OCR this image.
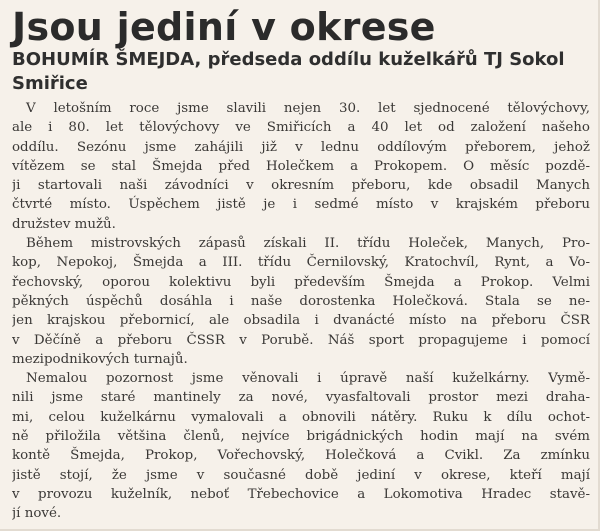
Jsou jediní v okrese
BOHUMÍR ŠMEJDA, předseda oddílu kuželkářů TJ Sokol
Smiřice

V letošním roce jsme slavili nejen 30. let sjednocené tělovýchovy,
ale i 80. let tělovýchovy ve Smiřicích a 40 let od založení našeho
oddílu. Sezónu jsme zahájili již v lednu oddílovým přeborem, jehož
vítězem se stal Šmejda před Holečkem a Prokopem. O měsíc pozdě-
ji startovali naši závodníci v okresním přeboru, kde obsadil Manych
čtvrté místo. Úspěchem jistě je i sedmé místo v krajském přeboru
družstev mužů.

Během mistrovských zápasů získali II. třídu Holeček, Manych, Pro-
kop, Nepokoj, Šmejda a III. třídu Černilovský, Kratochvíl, Rynt, a Vo-
řechovský, oporou kolektivu byli především Šmejda a Prokop. Velmi
pěkných úspěchů dosáhla i naše dorostenka Holečková. Stala se ne-
jen krajskou přebornicí, ale obsadila i dvanácté místo na přeboru ČSR
v Děčíně a přeboru ČSSR v Porubě. Náš sport propagujeme i pomocí
mezipodnikových turnajů.

Nemalou pozornost jsme věnovali i úpravě naší kuželkárny. Vymě-
nili jsme staré mantinely za nové, vyasfaltovali prostor mezi draha-
mi, celou kuželkárnu vymalovali a obnovili nátěry. Ruku k dílu ochot-
ně přiložila většina členů, nejvíce brigádnických hodin mají na svém
kontě Šmejda, Prokop, Vořechovský, Holečková a Cvikl. Za zmínku
jistě stojí, že jsme v současné době jediní v okrese, kteří mají
v provozu kuželník, neboť Třebechovice a Lokomotiva Hradec stavě-
jí nové.
